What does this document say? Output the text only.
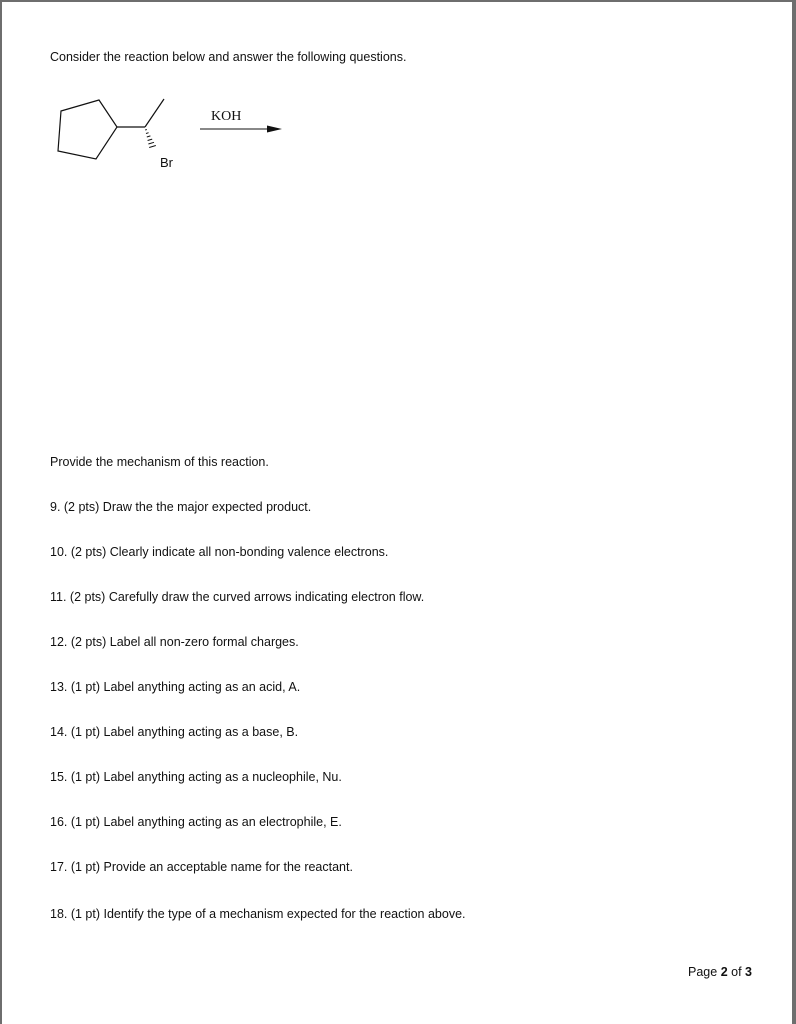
Consider the reaction below and answer the following questions.
Br
KOH
Provide the mechanism of this reaction.
9. (2 pts) Draw the the major expected product.
10. (2 pts) Clearly indicate all non-bonding valence electrons.
11. (2 pts) Carefully draw the curved arrows indicating electron flow.
12. (2 pts) Label all non-zero formal charges.
13. (1 pt) Label anything acting as an acid, A.
14. (1 pt) Label anything acting as a base, B.
15. (1 pt) Label anything acting as a nucleophile, Nu.
16. (1 pt) Label anything acting as an electrophile, E.
17. (1 pt) Provide an acceptable name for the reactant.
18. (1 pt) Identify the type of a mechanism expected for the reaction above.
Page 2 of 3
